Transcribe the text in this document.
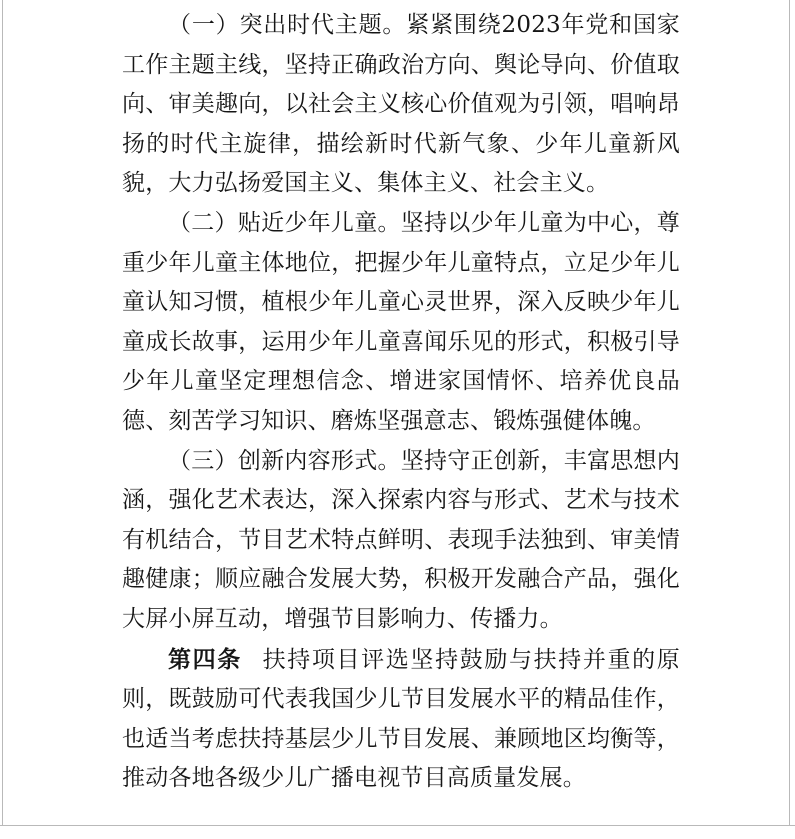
（一）突出时代主题。紧紧围绕2023年党和国家工作主题主线，坚持正确政治方向、舆论导向、价值取向、审美趣向，以社会主义核心价值观为引领，唱响昂扬的时代主旋律，描绘新时代新气象、少年儿童新风貌，大力弘扬爱国主义、集体主义、社会主义。

（二）贴近少年儿童。坚持以少年儿童为中心，尊重少年儿童主体地位，把握少年儿童特点，立足少年儿童认知习惯，植根少年儿童心灵世界，深入反映少年儿童成长故事，运用少年儿童喜闻乐见的形式，积极引导少年儿童坚定理想信念、增进家国情怀、培养优良品德、刻苦学习知识、磨炼坚强意志、锻炼强健体魄。

（三）创新内容形式。坚持守正创新，丰富思想内涵，强化艺术表达，深入探索内容与形式、艺术与技术有机结合，节目艺术特点鲜明、表现手法独到、审美情趣健康；顺应融合发展大势，积极开发融合产品，强化大屏小屏互动，增强节目影响力、传播力。

第四条 扶持项目评选坚持鼓励与扶持并重的原则，既鼓励可代表我国少儿节目发展水平的精品佳作，也适当考虑扶持基层少儿节目发展、兼顾地区均衡等，推动各地各级少儿广播电视节目高质量发展。
